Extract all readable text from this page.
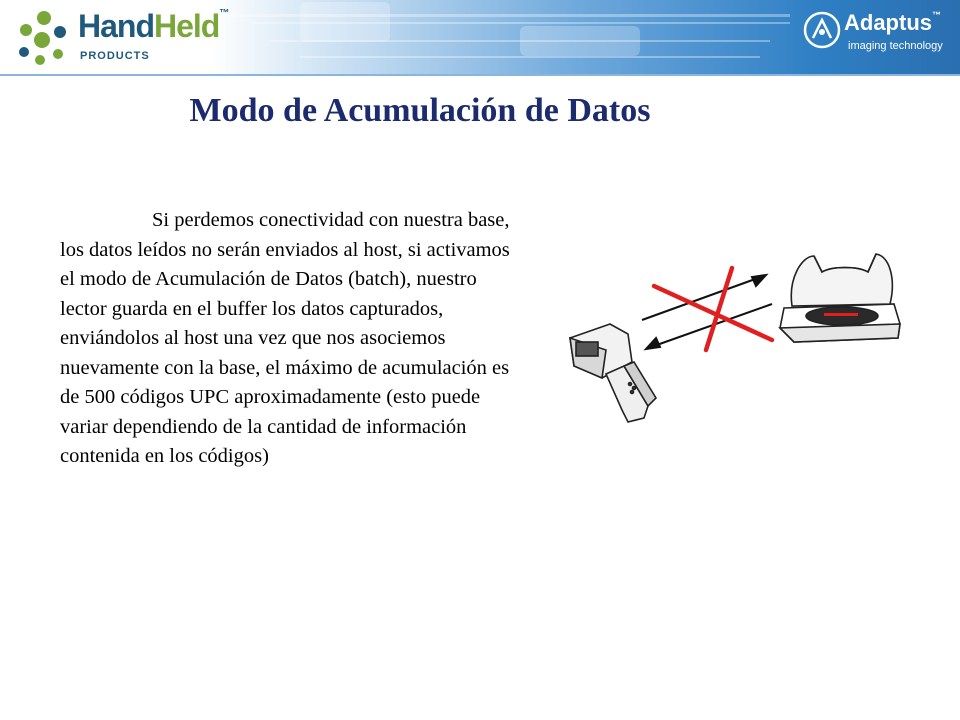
HandHeld™
PRODUCTS
Adaptus™
imaging technology
Modo de Acumulación de Datos

Si perdemos conectividad con nuestra base, los datos leídos no serán enviados al host, si activamos el modo de Acumulación de Datos (batch), nuestro lector guarda en el buffer los datos capturados, enviándolos al host una vez que nos asociemos nuevamente con la base, el máximo de acumulación es de 500 códigos UPC aproximadamente (esto puede variar dependiendo de la cantidad de información contenida en los códigos)
